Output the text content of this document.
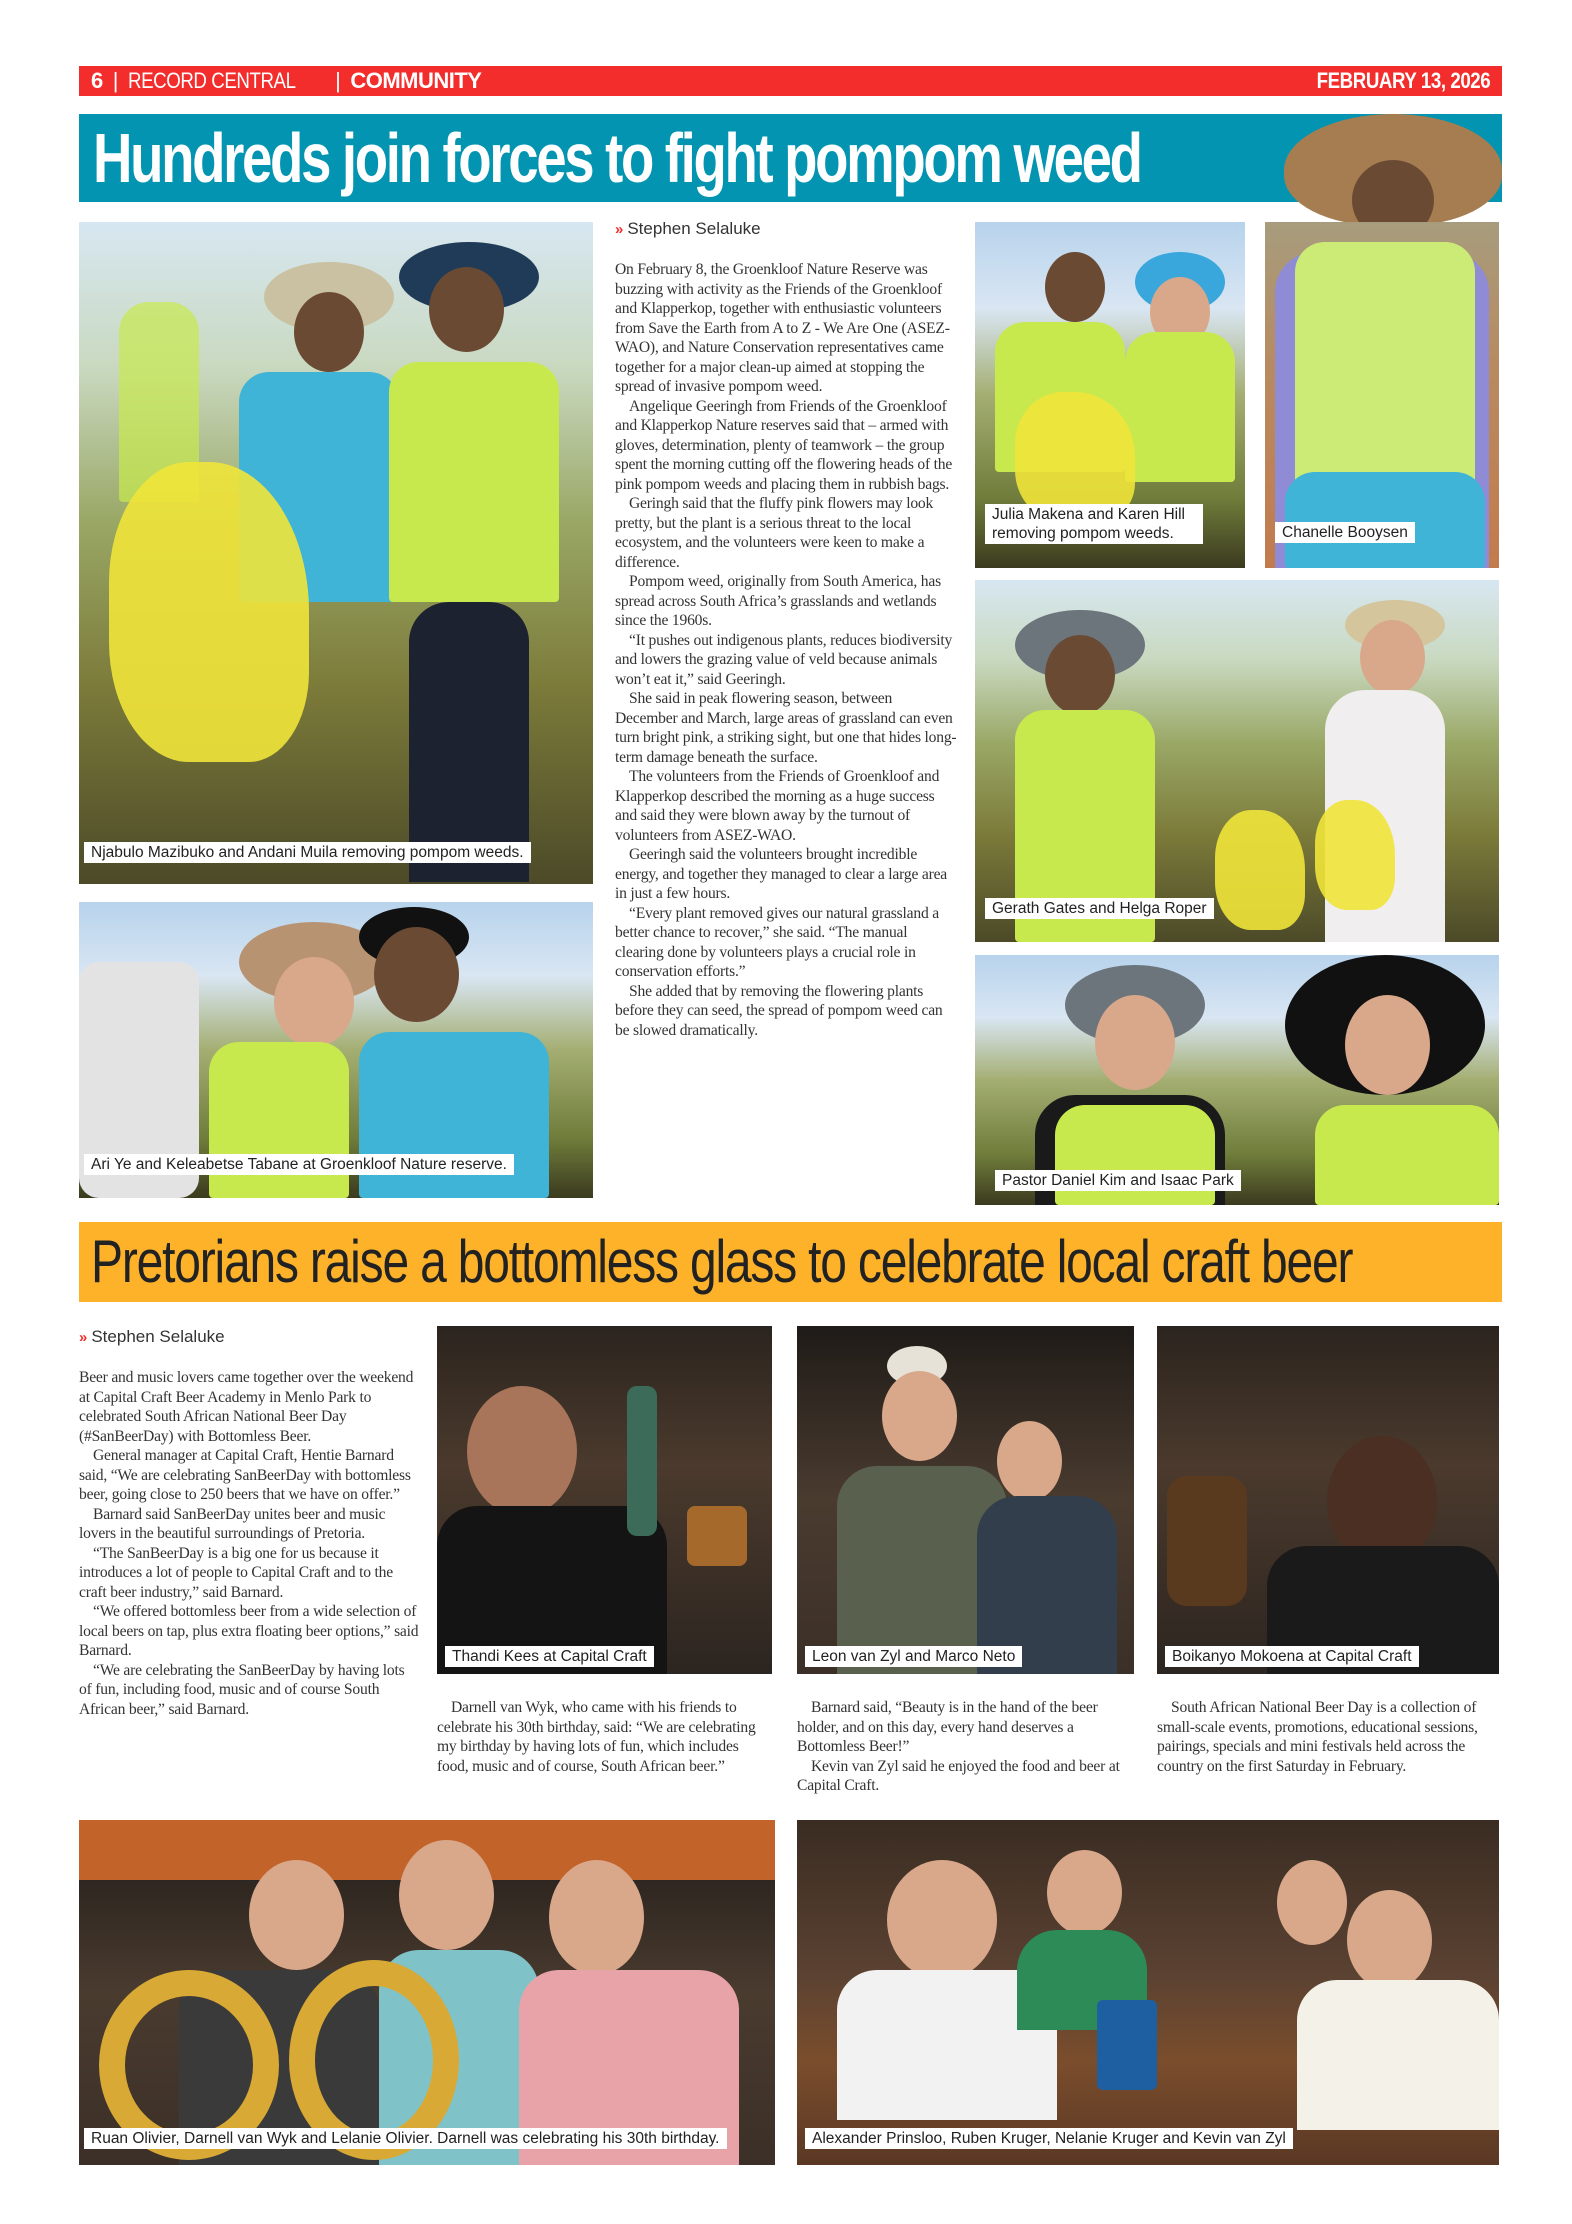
6 | RECORD CENTRAL | COMMUNITY	FEBRUARY 13, 2026
Hundreds join forces to fight pompom weed
Njabulo Mazibuko and Andani Muila removing pompom weeds.
Ari Ye and Keleabetse Tabane at Groenkloof Nature reserve.
Julia Makena and Karen Hill removing pompom weeds.	Chanelle Booysen
Gerath Gates and Helga Roper
Pastor Daniel Kim and Isaac Park
» Stephen Selaluke

On February 8, the Groenkloof Nature Reserve was buzzing with activity as the Friends of the Groenkloof and Klapperkop, together with enthusiastic volunteers from Save the Earth from A to Z - We Are One (ASEZ-WAO), and Nature Conservation representatives came together for a major clean-up aimed at stopping the spread of invasive pompom weed.

Angelique Geeringh from Friends of the Groenkloof and Klapperkop Nature reserves said that – armed with gloves, determination, plenty of teamwork – the group spent the morning cutting off the flowering heads of the pink pompom weeds and placing them in rubbish bags.

Geringh said that the fluffy pink flowers may look pretty, but the plant is a serious threat to the local ecosystem, and the volunteers were keen to make a difference.

Pompom weed, originally from South America, has spread across South Africa’s grasslands and wetlands since the 1960s.

“It pushes out indigenous plants, reduces biodiversity and lowers the grazing value of veld because animals won’t eat it,” said Geeringh.

She said in peak flowering season, between December and March, large areas of grassland can even turn bright pink, a striking sight, but one that hides long-term damage beneath the surface.

The volunteers from the Friends of Groenkloof and Klapperkop described the morning as a huge success and said they were blown away by the turnout of volunteers from ASEZ-WAO.

Geeringh said the volunteers brought incredible energy, and together they managed to clear a large area in just a few hours.

“Every plant removed gives our natural grassland a better chance to recover,” she said. “The manual clearing done by volunteers plays a crucial role in conservation efforts.”

She added that by removing the flowering plants before they can seed, the spread of pompom weed can be slowed dramatically.

Pretorians raise a bottomless glass to celebrate local craft beer
» Stephen Selaluke

Beer and music lovers came together over the weekend at Capital Craft Beer Academy in Menlo Park to celebrated South African National Beer Day (#SanBeerDay) with Bottomless Beer.

General manager at Capital Craft, Hentie Barnard said, “We are celebrating SanBeerDay with bottomless beer, going close to 250 beers that we have on offer.”

Barnard said SanBeerDay unites beer and music lovers in the beautiful surroundings of Pretoria.

“The SanBeerDay is a big one for us because it introduces a lot of people to Capital Craft and to the craft beer industry,” said Barnard.

“We offered bottomless beer from a wide selection of local beers on tap, plus extra floating beer options,” said Barnard.

“We are celebrating the SanBeerDay by having lots of fun, including food, music and of course South African beer,” said Barnard.

Thandi Kees at Capital Craft	Leon van Zyl and Marco Neto	Boikanyo Mokoena at Capital Craft

Darnell van Wyk, who came with his friends to celebrate his 30th birthday, said: “We are celebrating my birthday by having lots of fun, which includes food, music and of course, South African beer.”

Barnard said, “Beauty is in the hand of the beer holder, and on this day, every hand deserves a Bottomless Beer!”

Kevin van Zyl said he enjoyed the food and beer at Capital Craft.

South African National Beer Day is a collection of small-scale events, promotions, educational sessions, pairings, specials and mini festivals held across the country on the first Saturday in February.

Ruan Olivier, Darnell van Wyk and Lelanie Olivier. Darnell was celebrating his 30th birthday.	Alexander Prinsloo, Ruben Kruger, Nelanie Kruger and Kevin van Zyl
